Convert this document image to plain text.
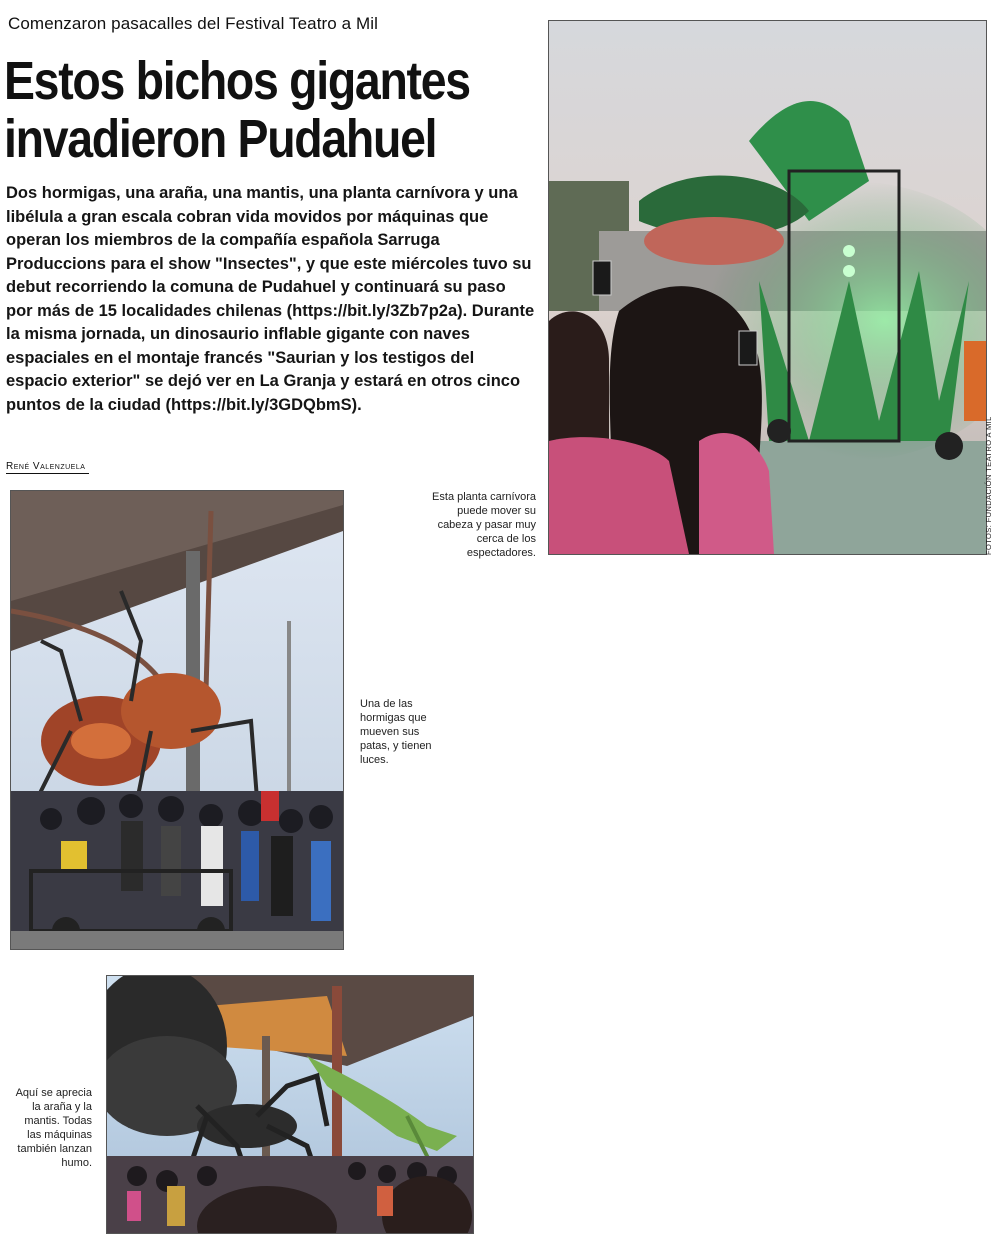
Comenzaron pasacalles del Festival Teatro a Mil
Estos bichos gigantes
invadieron Pudahuel
Dos hormigas, una araña, una mantis, una planta carnívora y una libélula a gran escala cobran vida movidos por máquinas que operan los miembros de la compañía española Sarruga Produccions para el show "Insectes", y que este miércoles tuvo su debut recorriendo la comuna de Pudahuel y continuará su paso por más de 15 localidades chilenas (https://bit.ly/3Zb7p2a). Durante la misma jornada, un dinosaurio inflable gigante con naves espaciales en el montaje francés "Saurian y los testigos del espacio exterior" se dejó ver en La Granja y estará en otros cinco puntos de la ciudad (https://bit.ly/3GDQbmS).
René Valenzuela	FOTOS: FUNDACIÓN TEATRO A MIL
Esta planta carnívora puede mover su cabeza y pasar muy cerca de los espectadores.
Una de las hormigas que mueven sus patas, y tienen luces.
Aquí se aprecia la araña y la mantis. Todas las máquinas también lanzan humo.
